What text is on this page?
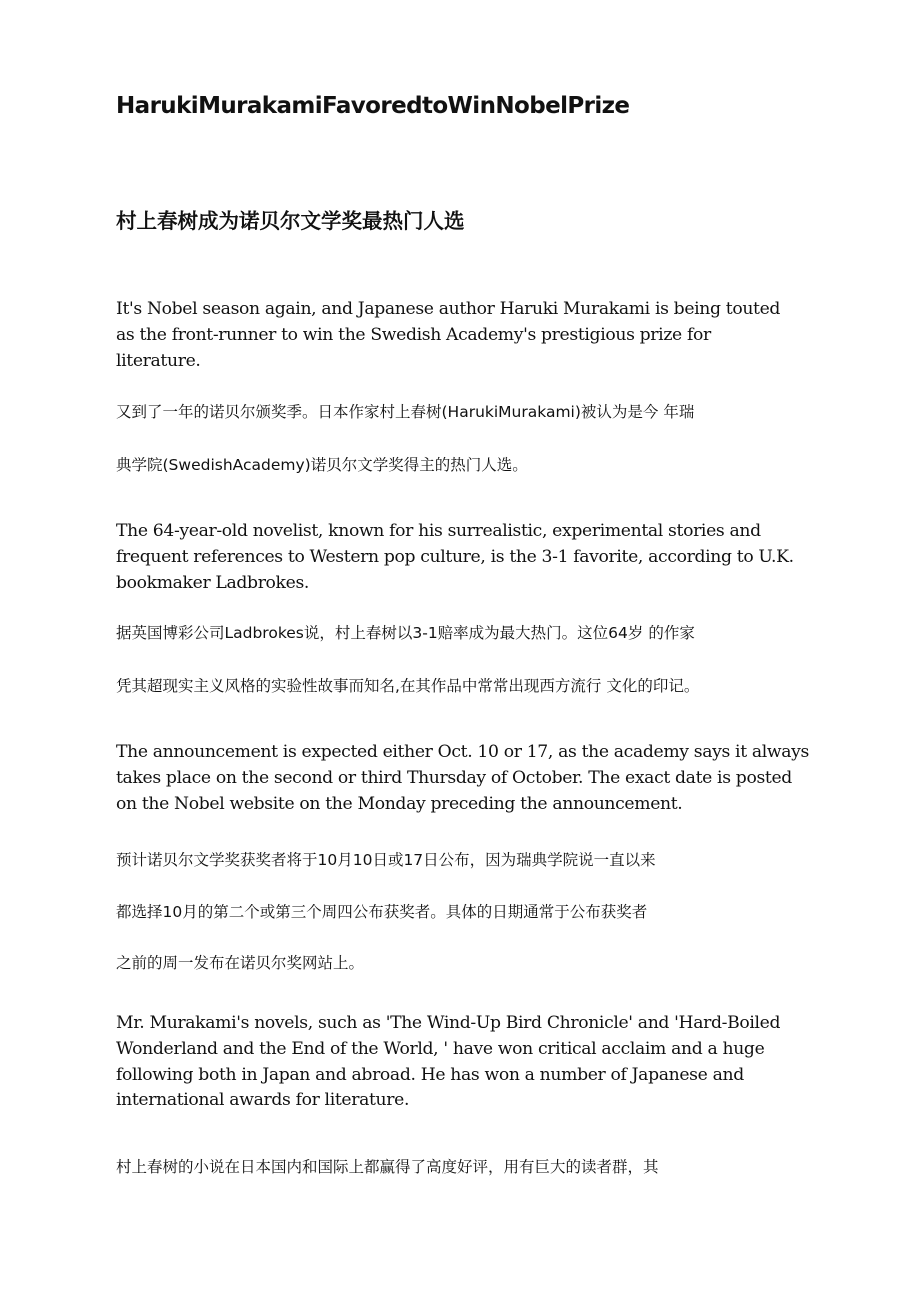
HarukiMurakamiFavoredtoWinNobelPrize
村上春树成为诺贝尔文学奖最热门人选

It's Nobel season again, and Japanese author Haruki Murakami is being touted
as the front-runner to win the Swedish Academy's prestigious prize for
literature.

又到了一年的诺贝尔颁奖季。日本作家村上春树(HarukiMurakami)被认为是今 年瑞
典学院(SwedishAcademy)诺贝尔文学奖得主的热门人选。

The 64-year-old novelist, known for his surrealistic, experimental stories and
frequent references to Western pop culture, is the 3-1 favorite, according to U.K.
bookmaker Ladbrokes.

据英国博彩公司Ladbrokes说，村上春树以3-1赔率成为最大热门。这位64岁 的作家
凭其超现实主义风格的实验性故事而知名,在其作品中常常出现西方流行 文化的印记。

The announcement is expected either Oct. 10 or 17, as the academy says it always
takes place on the second or third Thursday of October. The exact date is posted
on the Nobel website on the Monday preceding the announcement.

预计诺贝尔文学奖获奖者将于10月10日或17日公布，因为瑞典学院说一直以来
都选择10月的第二个或第三个周四公布获奖者。具体的日期通常于公布获奖者
之前的周一发布在诺贝尔奖网站上。

Mr. Murakami's novels, such as 'The Wind-Up Bird Chronicle' and 'Hard-Boiled
Wonderland and the End of the World, ' have won critical acclaim and a huge
following both in Japan and abroad. He has won a number of Japanese and
international awards for literature.

村上春树的小说在日本国内和国际上都赢得了高度好评，用有巨大的读者群，其
